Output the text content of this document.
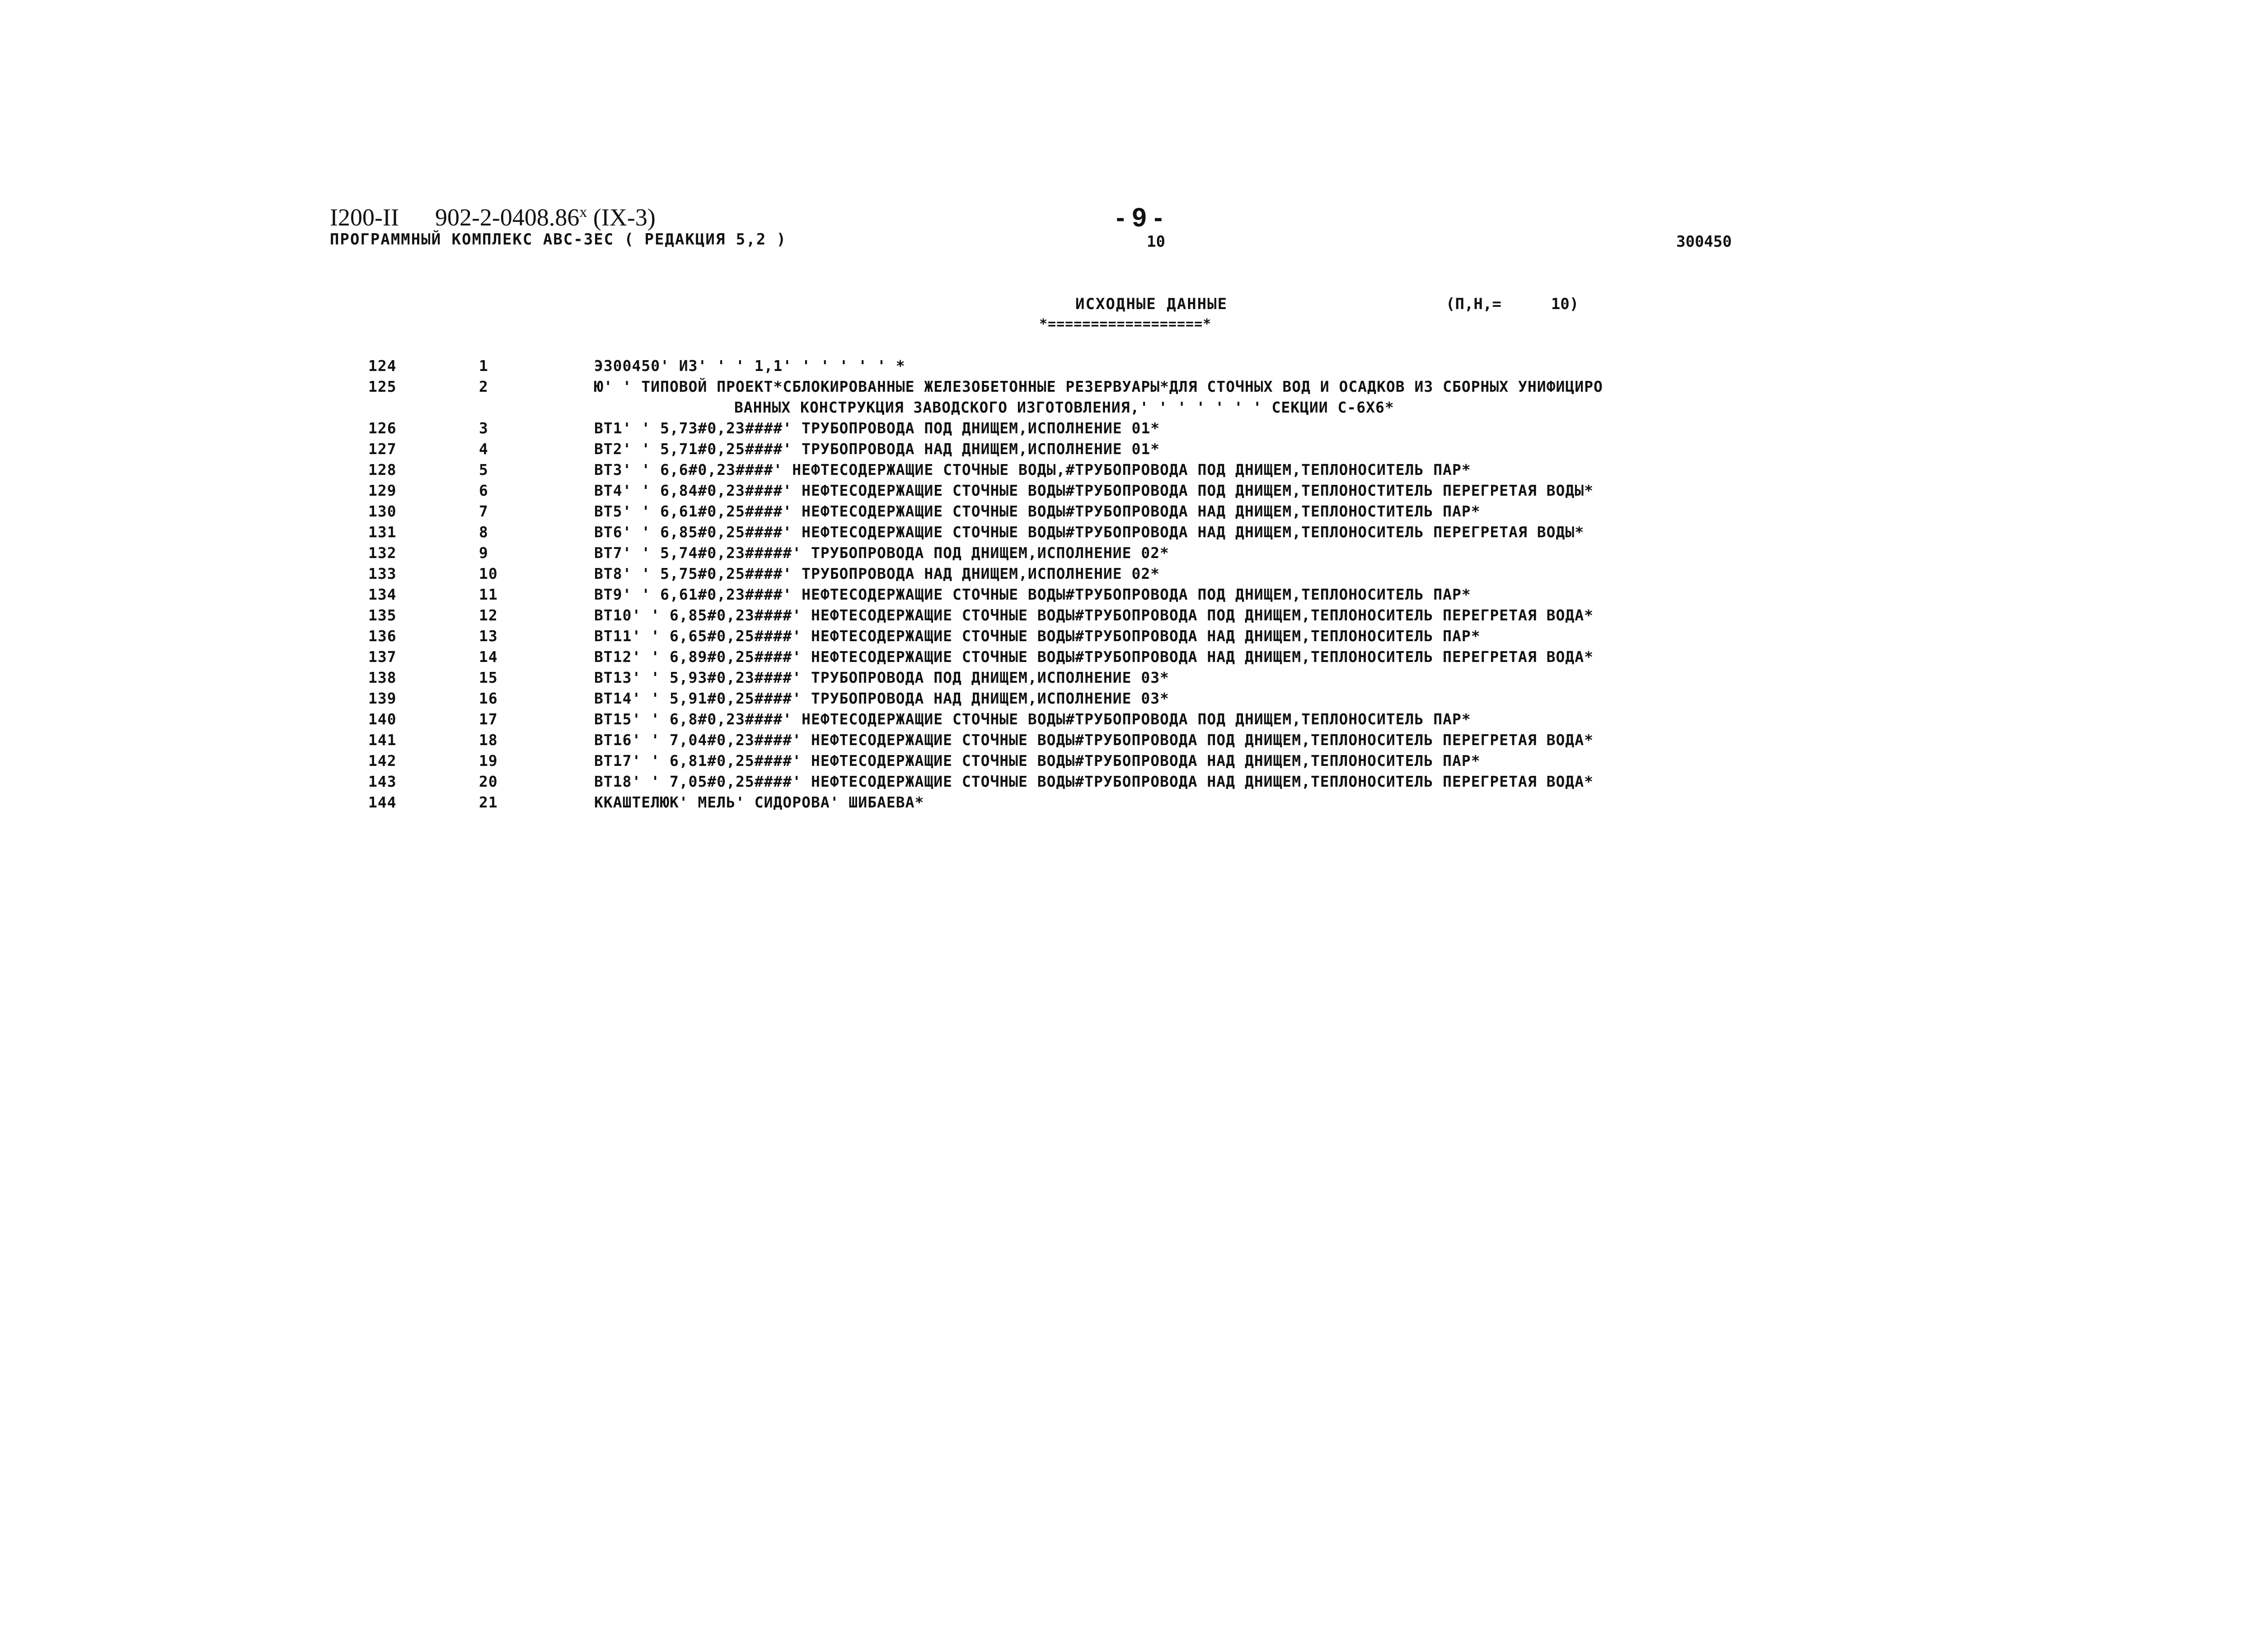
I200-II 902-2-0408.86$^x$ (IX-3)
ПРОГРАММНЫЙ КОМПЛЕКС АВС-3ЕС ( РЕДАКЦИЯ 5,2 )
- 9 -
10	300450
ИСХОДНЫЕ ДАННЫЕ
*==================*
(П,Н,=	10)
124	1	Э300450' ИЗ' ' ' 1,1' ' ' ' ' ' *
125	2	Ю' ' ТИПОВОЙ ПРОЕКТ*СБЛОКИРОВАННЫЕ ЖЕЛЕЗОБЕТОННЫЕ РЕЗЕРВУАРЫ*ДЛЯ СТОЧНЫХ ВОД И ОСАДКОВ ИЗ СБОРНЫХ УНИФИЦИРО
ВАННЫХ КОНСТРУКЦИЯ ЗАВОДСКОГО ИЗГОТОВЛЕНИЯ,' ' ' ' ' ' ' СЕКЦИИ С-6Х6*
126	3	ВТ1' ' 5,73#0,23####' ТРУБОПРОВОДА ПОД ДНИЩЕМ,ИСПОЛНЕНИЕ 01*
127	4	ВТ2' ' 5,71#0,25####' ТРУБОПРОВОДА НАД ДНИЩЕМ,ИСПОЛНЕНИЕ 01*
128	5	ВТ3' ' 6,6#0,23####' НЕФТЕСОДЕРЖАЩИЕ СТОЧНЫЕ ВОДЫ,#ТРУБОПРОВОДА ПОД ДНИЩЕМ,ТЕПЛОНОСИТЕЛЬ ПАР*
129	6	ВТ4' ' 6,84#0,23####' НЕФТЕСОДЕРЖАЩИЕ СТОЧНЫЕ ВОДЫ#ТРУБОПРОВОДА ПОД ДНИЩЕМ,ТЕПЛОНОСТИТЕЛЬ ПЕРЕГРЕТАЯ ВОДЫ*
130	7	ВТ5' ' 6,61#0,25####' НЕФТЕСОДЕРЖАЩИЕ СТОЧНЫЕ ВОДЫ#ТРУБОПРОВОДА НАД ДНИЩЕМ,ТЕПЛОНОСТИТЕЛЬ ПАР*
131	8	ВТ6' ' 6,85#0,25####' НЕФТЕСОДЕРЖАЩИЕ СТОЧНЫЕ ВОДЫ#ТРУБОПРОВОДА НАД ДНИЩЕМ,ТЕПЛОНОСИТЕЛЬ ПЕРЕГРЕТАЯ ВОДЫ*
132	9	ВТ7' ' 5,74#0,23#####' ТРУБОПРОВОДА ПОД ДНИЩЕМ,ИСПОЛНЕНИЕ 02*
133	10	ВТ8' ' 5,75#0,25####' ТРУБОПРОВОДА НАД ДНИЩЕМ,ИСПОЛНЕНИЕ 02*
134	11	ВТ9' ' 6,61#0,23####' НЕФТЕСОДЕРЖАЩИЕ СТОЧНЫЕ ВОДЫ#ТРУБОПРОВОДА ПОД ДНИЩЕМ,ТЕПЛОНОСИТЕЛЬ ПАР*
135	12	ВТ10' ' 6,85#0,23####' НЕФТЕСОДЕРЖАЩИЕ СТОЧНЫЕ ВОДЫ#ТРУБОПРОВОДА ПОД ДНИЩЕМ,ТЕПЛОНОСИТЕЛЬ ПЕРЕГРЕТАЯ ВОДА*
136	13	ВТ11' ' 6,65#0,25####' НЕФТЕСОДЕРЖАЩИЕ СТОЧНЫЕ ВОДЫ#ТРУБОПРОВОДА НАД ДНИЩЕМ,ТЕПЛОНОСИТЕЛЬ ПАР*
137	14	ВТ12' ' 6,89#0,25####' НЕФТЕСОДЕРЖАЩИЕ СТОЧНЫЕ ВОДЫ#ТРУБОПРОВОДА НАД ДНИЩЕМ,ТЕПЛОНОСИТЕЛЬ ПЕРЕГРЕТАЯ ВОДА*
138	15	ВТ13' ' 5,93#0,23####' ТРУБОПРОВОДА ПОД ДНИЩЕМ,ИСПОЛНЕНИЕ 03*
139	16	ВТ14' ' 5,91#0,25####' ТРУБОПРОВОДА НАД ДНИЩЕМ,ИСПОЛНЕНИЕ 03*
140	17	ВТ15' ' 6,8#0,23####' НЕФТЕСОДЕРЖАЩИЕ СТОЧНЫЕ ВОДЫ#ТРУБОПРОВОДА ПОД ДНИЩЕМ,ТЕПЛОНОСИТЕЛЬ ПАР*
141	18	ВТ16' ' 7,04#0,23####' НЕФТЕСОДЕРЖАЩИЕ СТОЧНЫЕ ВОДЫ#ТРУБОПРОВОДА ПОД ДНИЩЕМ,ТЕПЛОНОСИТЕЛЬ ПЕРЕГРЕТАЯ ВОДА*
142	19	ВТ17' ' 6,81#0,25####' НЕФТЕСОДЕРЖАЩИЕ СТОЧНЫЕ ВОДЫ#ТРУБОПРОВОДА НАД ДНИЩЕМ,ТЕПЛОНОСИТЕЛЬ ПАР*
143	20	ВТ18' ' 7,05#0,25####' НЕФТЕСОДЕРЖАЩИЕ СТОЧНЫЕ ВОДЫ#ТРУБОПРОВОДА НАД ДНИЩЕМ,ТЕПЛОНОСИТЕЛЬ ПЕРЕГРЕТАЯ ВОДА*
144	21	ККАШТЕЛЮК' МЕЛЬ' СИДОРОВА' ШИБАЕВА*
